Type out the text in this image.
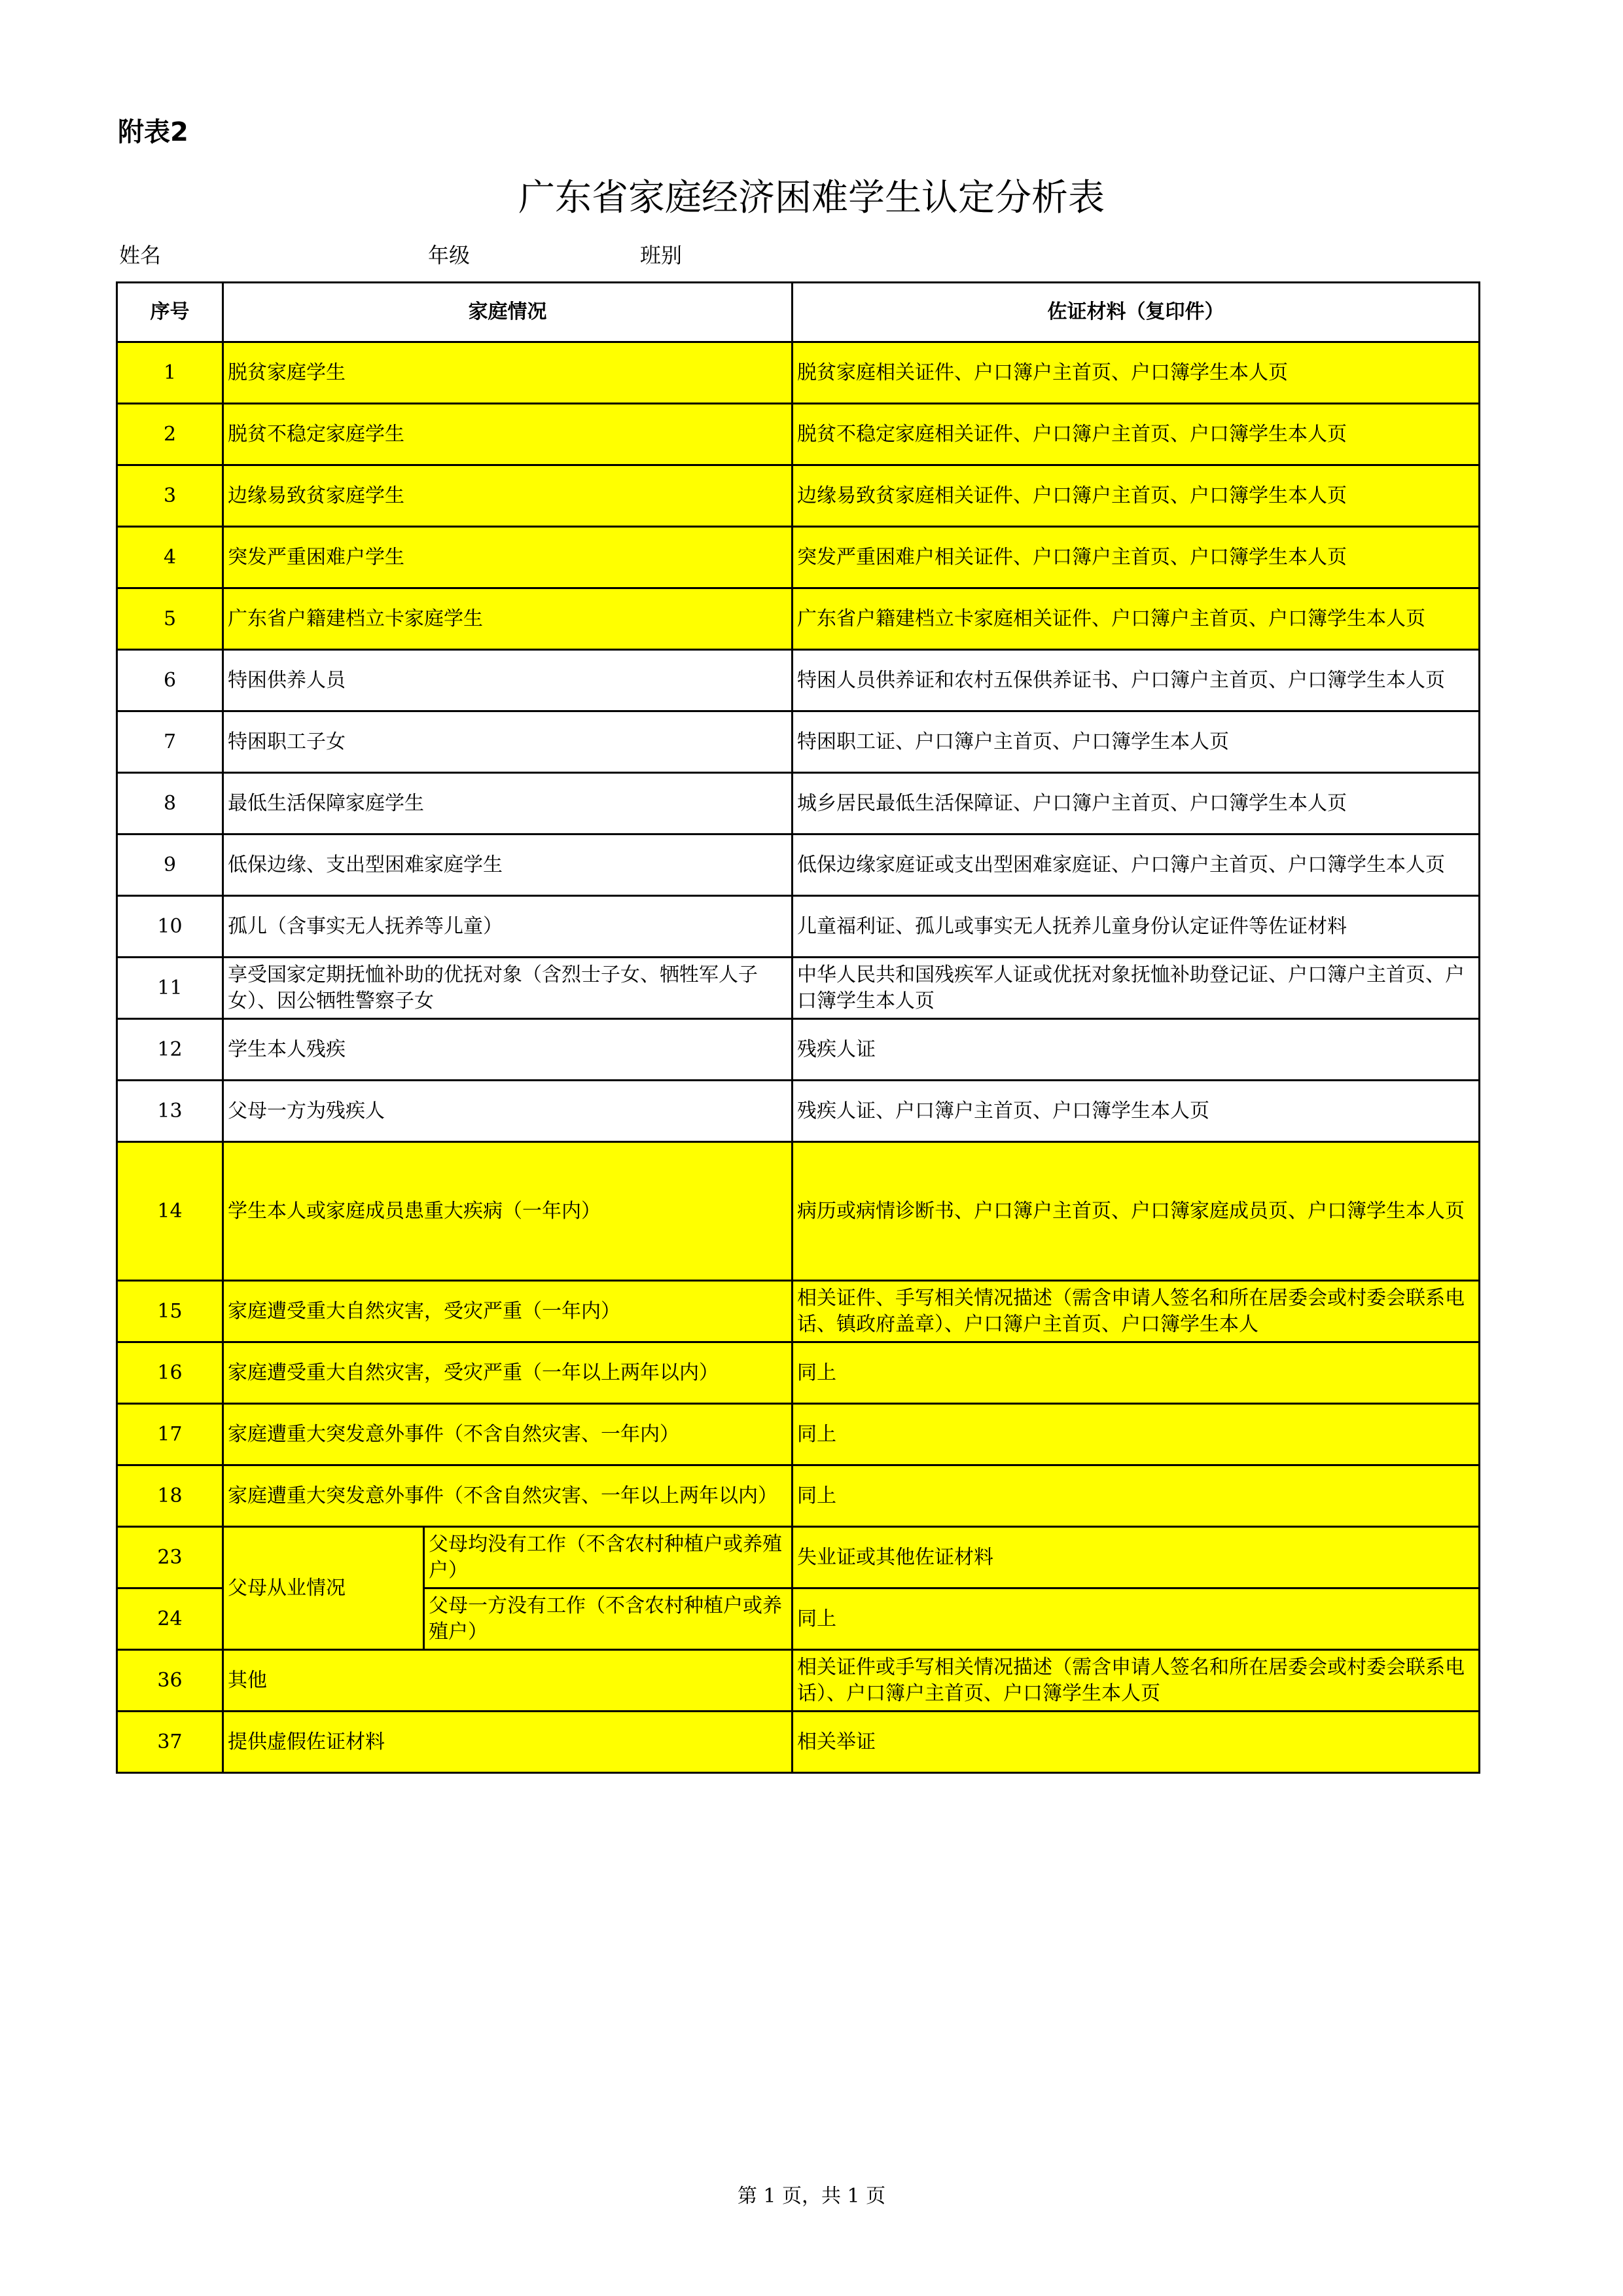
附表2
广东省家庭经济困难学生认定分析表
姓名	年级	班别
序号	家庭情况		佐证材料（复印件）
1	脱贫家庭学生		脱贫家庭相关证件、户口簿户主首页、户口簿学生本人页
2	脱贫不稳定家庭学生		脱贫不稳定家庭相关证件、户口簿户主首页、户口簿学生本人页
3	边缘易致贫家庭学生		边缘易致贫家庭相关证件、户口簿户主首页、户口簿学生本人页
4	突发严重困难户学生		突发严重困难户相关证件、户口簿户主首页、户口簿学生本人页
5	广东省户籍建档立卡家庭学生		广东省户籍建档立卡家庭相关证件、户口簿户主首页、户口簿学生本人页
6	特困供养人员		特困人员供养证和农村五保供养证书、户口簿户主首页、户口簿学生本人页
7	特困职工子女		特困职工证、户口簿户主首页、户口簿学生本人页
8	最低生活保障家庭学生		城乡居民最低生活保障证、户口簿户主首页、户口簿学生本人页
9	低保边缘、支出型困难家庭学生		低保边缘家庭证或支出型困难家庭证、户口簿户主首页、户口簿学生本人页
10	孤儿（含事实无人抚养等儿童）		儿童福利证、孤儿或事实无人抚养儿童身份认定证件等佐证材料
11	享受国家定期抚恤补助的优抚对象（含烈士子女、牺牲军人子女）、因公牺牲警察子女		中华人民共和国残疾军人证或优抚对象抚恤补助登记证、户口簿户主首页、户口簿学生本人页
12	学生本人残疾		残疾人证
13	父母一方为残疾人		残疾人证、户口簿户主首页、户口簿学生本人页
14	学生本人或家庭成员患重大疾病（一年内）		病历或病情诊断书、户口簿户主首页、户口簿家庭成员页、户口簿学生本人页
15	家庭遭受重大自然灾害，受灾严重（一年内）		相关证件、手写相关情况描述（需含申请人签名和所在居委会或村委会联系电话、镇政府盖章）、户口簿户主首页、户口簿学生本人
16	家庭遭受重大自然灾害，受灾严重（一年以上两年以内）		同上
17	家庭遭重大突发意外事件（不含自然灾害、一年内）		同上
18	家庭遭重大突发意外事件（不含自然灾害、一年以上两年以内）		同上
23	父母从业情况	父母均没有工作（不含农村种植户或养殖户）	失业证或其他佐证材料
24		父母一方没有工作（不含农村种植户或养殖户）	同上
36	其他		相关证件或手写相关情况描述（需含申请人签名和所在居委会或村委会联系电话）、户口簿户主首页、户口簿学生本人页
37	提供虚假佐证材料		相关举证
第 1 页，共 1 页
